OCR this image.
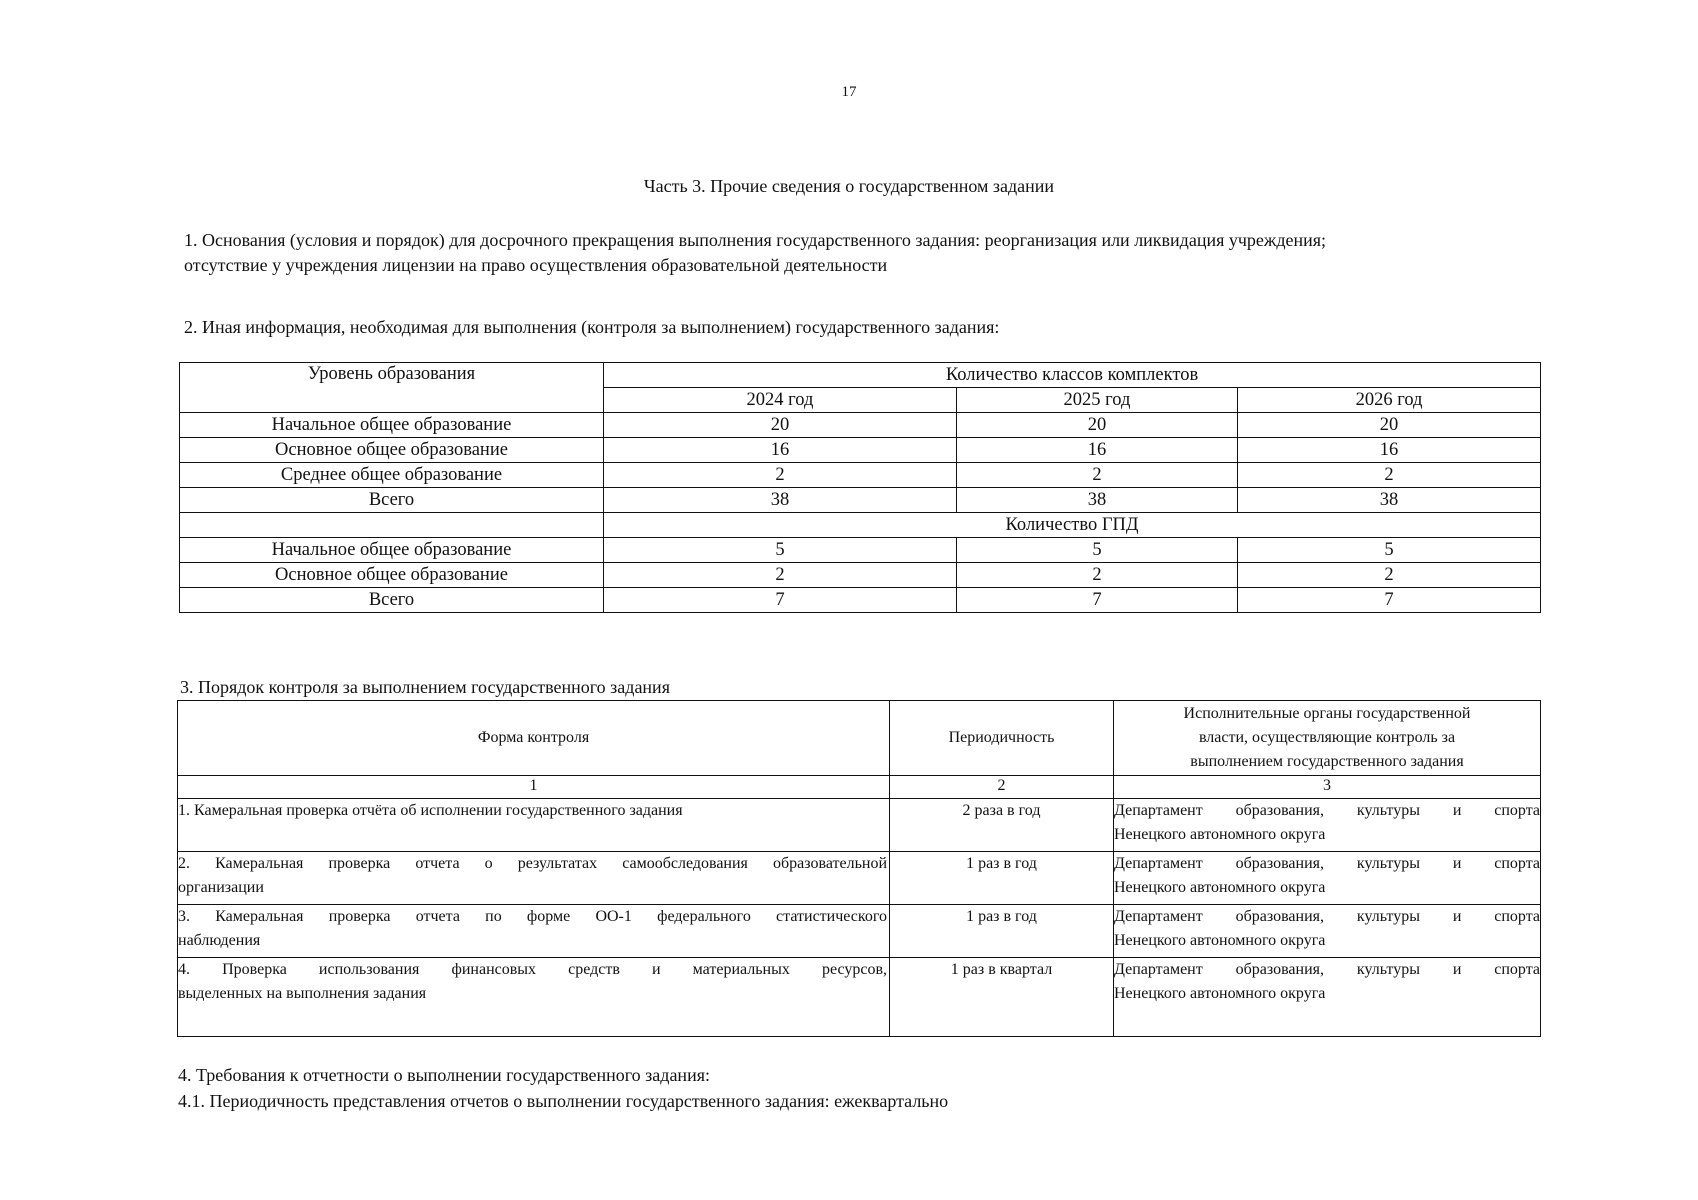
17
Часть 3. Прочие сведения о государственном задании
1. Основания (условия и порядок) для досрочного прекращения выполнения государственного задания: реорганизация или ликвидация учреждения;
отсутствие у учреждения лицензии на право осуществления образовательной деятельности
2. Иная информация, необходимая для выполнения (контроля за выполнением) государственного задания:
Уровень образования	Количество классов комплектов		
	2024 год	2025 год	2026 год
Начальное общее образование	20	20	20
Основное общее образование	16	16	16
Среднее общее образование	2	2	2
Всего	38	38	38
	Количество ГПД		
Начальное общее образование	5	5	5
Основное общее образование	2	2	2
Всего	7	7	7
3. Порядок контроля за выполнением государственного задания
Форма контроля	Периодичность	Исполнительные органы государственной
власти, осуществляющие контроль за
выполнением государственного задания

1	2	3

1. Камеральная проверка отчёта об исполнении государственного задания	2 раза в год	Департамент образования, культуры и спорта
Ненецкого автономного округа

2. Камеральная проверка отчета о результатах самообследования образовательной
организации	1 раз в год	Департамент образования, культуры и спорта
Ненецкого автономного округа

3. Камеральная проверка отчета по форме ОО-1 федерального статистического
наблюдения	1 раз в год	Департамент образования, культуры и спорта
Ненецкого автономного округа

4. Проверка использования финансовых средств и материальных ресурсов,
выделенных на выполнения задания	1 раз в квартал	Департамент образования, культуры и спорта
Ненецкого автономного округа
4. Требования к отчетности о выполнении государственного задания:
4.1. Периодичность представления отчетов о выполнении государственного задания: ежеквартально
